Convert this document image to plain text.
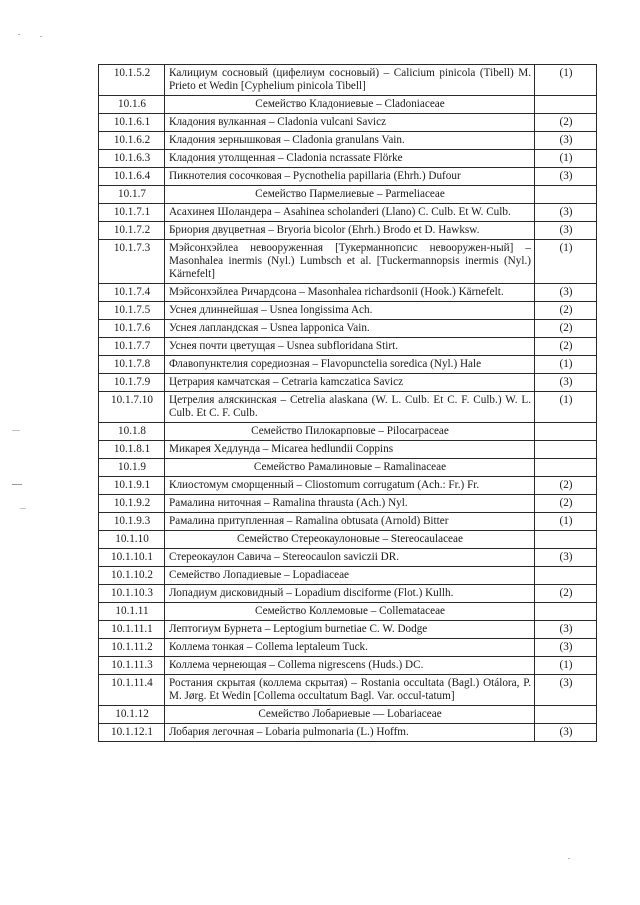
10.1.5.2	Калициум сосновый (цифелиум сосновый) – Calicium pinicola (Tibell) M. Prieto et Wedin [Cyphelium pinicola Tibell]	(1)
10.1.6	Семейство Кладониевые – Cladoniaceae	
10.1.6.1	Кладония вулканная – Cladonia vulcani Savicz	(2)
10.1.6.2	Кладония зернышковая – Cladonia granulans Vain.	(3)
10.1.6.3	Кладония утолщенная – Cladonia ncrassate Flörke	(1)
10.1.6.4	Пикнотелия сосочковая – Pycnothelia papillaria (Ehrh.) Dufour	(3)
10.1.7	Семейство Пармелиевые – Parmeliaceae	
10.1.7.1	Асахинея Шоландера – Asahinea scholanderi (Llano) C. Culb. Et W. Culb.	(3)
10.1.7.2	Бриория двуцветная – Bryoria bicolor (Ehrh.) Brodo et D. Hawksw.	(3)
10.1.7.3	Мэйсонхэйлеа невооруженная [Тукерманнопсис невооружен-ный] – Masonhalea inermis (Nyl.) Lumbsch et al. [Tuckermannopsis inermis (Nyl.) Kärnefelt]	(1)
10.1.7.4	Мэйсонхэйлеа Ричардсона – Masonhalea richardsonii (Hook.) Kärnefelt.	(3)
10.1.7.5	Уснея длиннейшая – Usnea longissima Ach.	(2)
10.1.7.6	Уснея лапландская – Usnea lapponica Vain.	(2)
10.1.7.7	Уснея почти цветущая – Usnea subfloridana Stirt.	(2)
10.1.7.8	Флавопунктелия соредиозная – Flavopunctelia soredica (Nyl.) Hale	(1)
10.1.7.9	Цетрария камчатская – Cetraria kamczatica Savicz	(3)
10.1.7.10	Цетрелия аляскинская – Cetrelia alaskana (W. L. Culb. Et C. F. Culb.) W. L. Culb. Et C. F. Culb.	(1)
10.1.8	Семейство Пилокарповые – Pilocarpaceae	
10.1.8.1	Микарея Хедлунда – Micarea hedlundii Coppins	
10.1.9	Семейство Рамалиновые – Ramalinaceae	
10.1.9.1	Клиостомум сморщенный – Cliostomum corrugatum (Ach.: Fr.) Fr.	(2)
10.1.9.2	Рамалина ниточная – Ramalina thrausta (Ach.) Nyl.	(2)
10.1.9.3	Рамалина притупленная – Ramalina obtusata (Arnold) Bitter	(1)
10.1.10	Семейство Стереокаулоновые – Stereocaulaceae	
10.1.10.1	Стереокаулон Савича – Stereocaulon saviczii DR.	(3)
10.1.10.2	Семейство Лопадиевые – Lopadiaceae	
10.1.10.3	Лопадиум дисковидный – Lopadium disciforme (Flot.) Kullh.	(2)
10.1.11	Семейство Коллемовые – Collemataceae	
10.1.11.1	Лептогиум Бурнета – Leptogium burnetiae C. W. Dodge	(3)
10.1.11.2	Коллема тонкая – Collema leptaleum Tuck.	(3)
10.1.11.3	Коллема чернеющая – Collema nigrescens (Huds.) DC.	(1)
10.1.11.4	Ростания скрытая (коллема скрытая) – Rostania occultata (Bagl.) Otálora, P. M. Jørg. Et Wedin [Collema occultatum Bagl. Var. occul-tatum]	(3)
10.1.12	Семейство Лобариевые — Lobariaceae	
10.1.12.1	Лобария легочная – Lobaria pulmonaria (L.) Hoffm.	(3)
